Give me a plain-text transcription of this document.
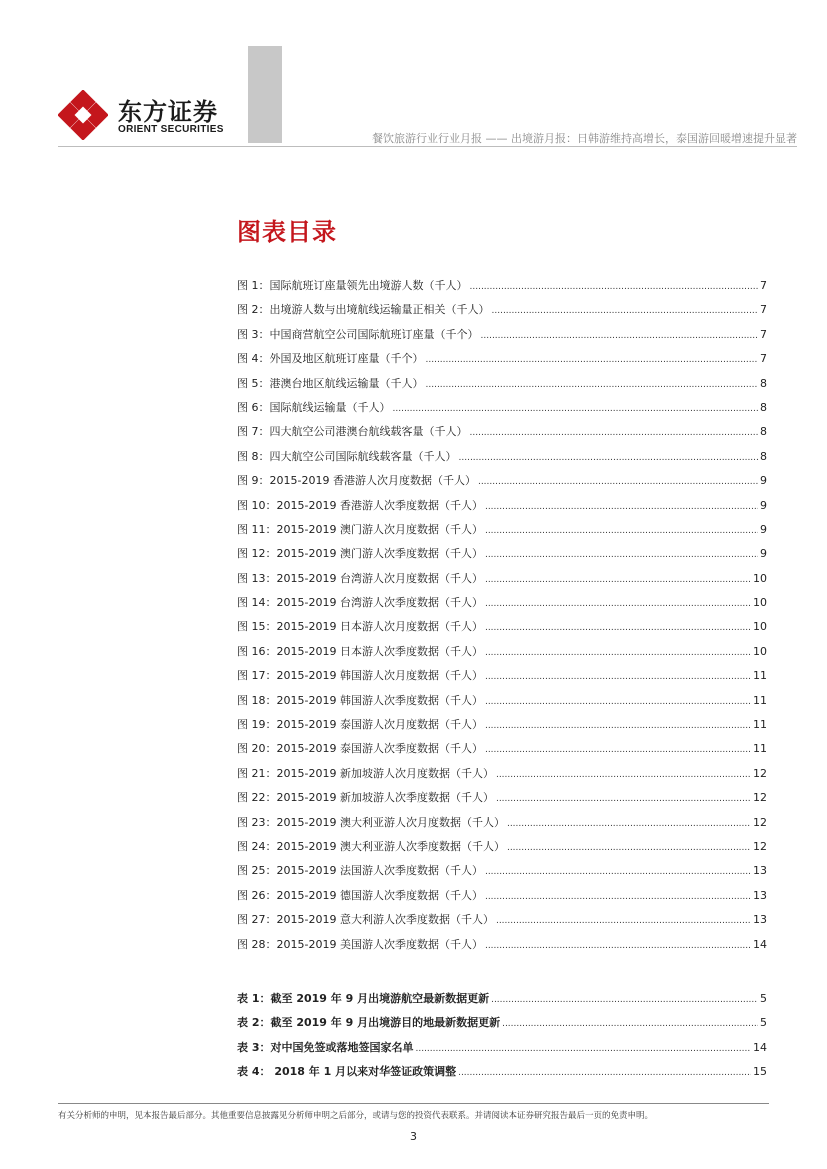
东方证券
ORIENT SECURITIES
餐饮旅游行业行业月报 —— 出境游月报：日韩游维持高增长，泰国游回暖增速提升显著
图表目录
图 1：国际航班订座量领先出境游人数（千人） .....	7
图 2：出境游人数与出境航线运输量正相关（千人） .....	7
图 3：中国商营航空公司国际航班订座量（千个） .....	7
图 4：外国及地区航班订座量（千个） .....	7
图 5：港澳台地区航线运输量（千人） .....	8
图 6：国际航线运输量（千人） .....	8
图 7：四大航空公司港澳台航线载客量（千人） .....	8
图 8：四大航空公司国际航线载客量（千人） .....	8
图 9：2015-2019 香港游人次月度数据（千人） .....	9
图 10：2015-2019 香港游人次季度数据（千人） .....	9
图 11：2015-2019 澳门游人次月度数据（千人） .....	9
图 12：2015-2019 澳门游人次季度数据（千人） .....	9
图 13：2015-2019 台湾游人次月度数据（千人） .....	10
图 14：2015-2019 台湾游人次季度数据（千人） .....	10
图 15：2015-2019 日本游人次月度数据（千人） .....	10
图 16：2015-2019 日本游人次季度数据（千人） .....	10
图 17：2015-2019 韩国游人次月度数据（千人） .....	11
图 18：2015-2019 韩国游人次季度数据（千人） .....	11
图 19：2015-2019 泰国游人次月度数据（千人） .....	11
图 20：2015-2019 泰国游人次季度数据（千人） .....	11
图 21：2015-2019 新加坡游人次月度数据（千人） .....	12
图 22：2015-2019 新加坡游人次季度数据（千人） .....	12
图 23：2015-2019 澳大利亚游人次月度数据（千人） .....	12
图 24：2015-2019 澳大利亚游人次季度数据（千人） .....	12
图 25：2015-2019 法国游人次季度数据（千人） .....	13
图 26：2015-2019 德国游人次季度数据（千人） .....	13
图 27：2015-2019 意大利游人次季度数据（千人） .....	13
图 28：2015-2019 美国游人次季度数据（千人） .....	14
表 1：截至 2019 年 9 月出境游航空最新数据更新 .....	5
表 2：截至 2019 年 9 月出境游目的地最新数据更新 .....	5
表 3：对中国免签或落地签国家名单 .....	14
表 4： 2018 年 1 月以来对华签证政策调整 .....	15
有关分析师的申明，见本报告最后部分。其他重要信息披露见分析师申明之后部分，或请与您的投资代表联系。并请阅读本证券研究报告最后一页的免责申明。
3
